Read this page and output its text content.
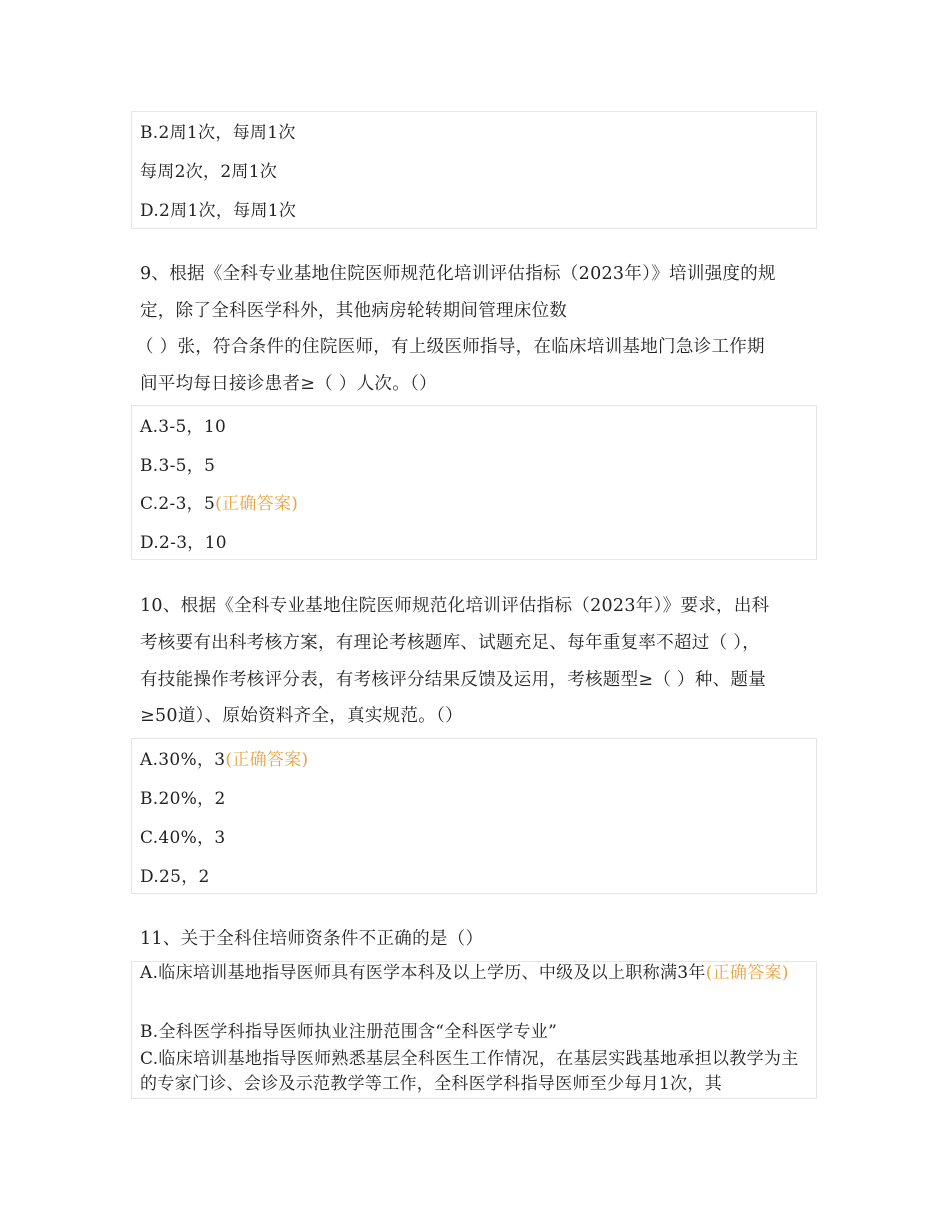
B.2周1次，每周1次
每周2次，2周1次
D.2周1次，每周1次
9、根据《全科专业基地住院医师规范化培训评估指标（2023年）》培训强度的规
定，除了全科医学科外，其他病房轮转期间管理床位数
（ ）张，符合条件的住院医师，有上级医师指导，在临床培训基地门急诊工作期
间平均每日接诊患者≥（ ）人次。（）
A.3-5，10
B.3-5，5
C.2-3，5(正确答案)
D.2-3，10
10、根据《全科专业基地住院医师规范化培训评估指标（2023年）》要求，出科
考核要有出科考核方案，有理论考核题库、试题充足、每年重复率不超过（ ），
有技能操作考核评分表，有考核评分结果反馈及运用，考核题型≥（ ）种、题量
≥50道）、原始资料齐全，真实规范。（）
A.30%，3(正确答案)
B.20%，2
C.40%，3
D.25，2
11、关于全科住培师资条件不正确的是（）
A.临床培训基地指导医师具有医学本科及以上学历、中级及以上职称满3年(正确答案)
B.全科医学科指导医师执业注册范围含“全科医学专业”
C.临床培训基地指导医师熟悉基层全科医生工作情况，在基层实践基地承担以教学为主的专家门诊、会诊及示范教学等工作，全科医学科指导医师至少每月1次，其
